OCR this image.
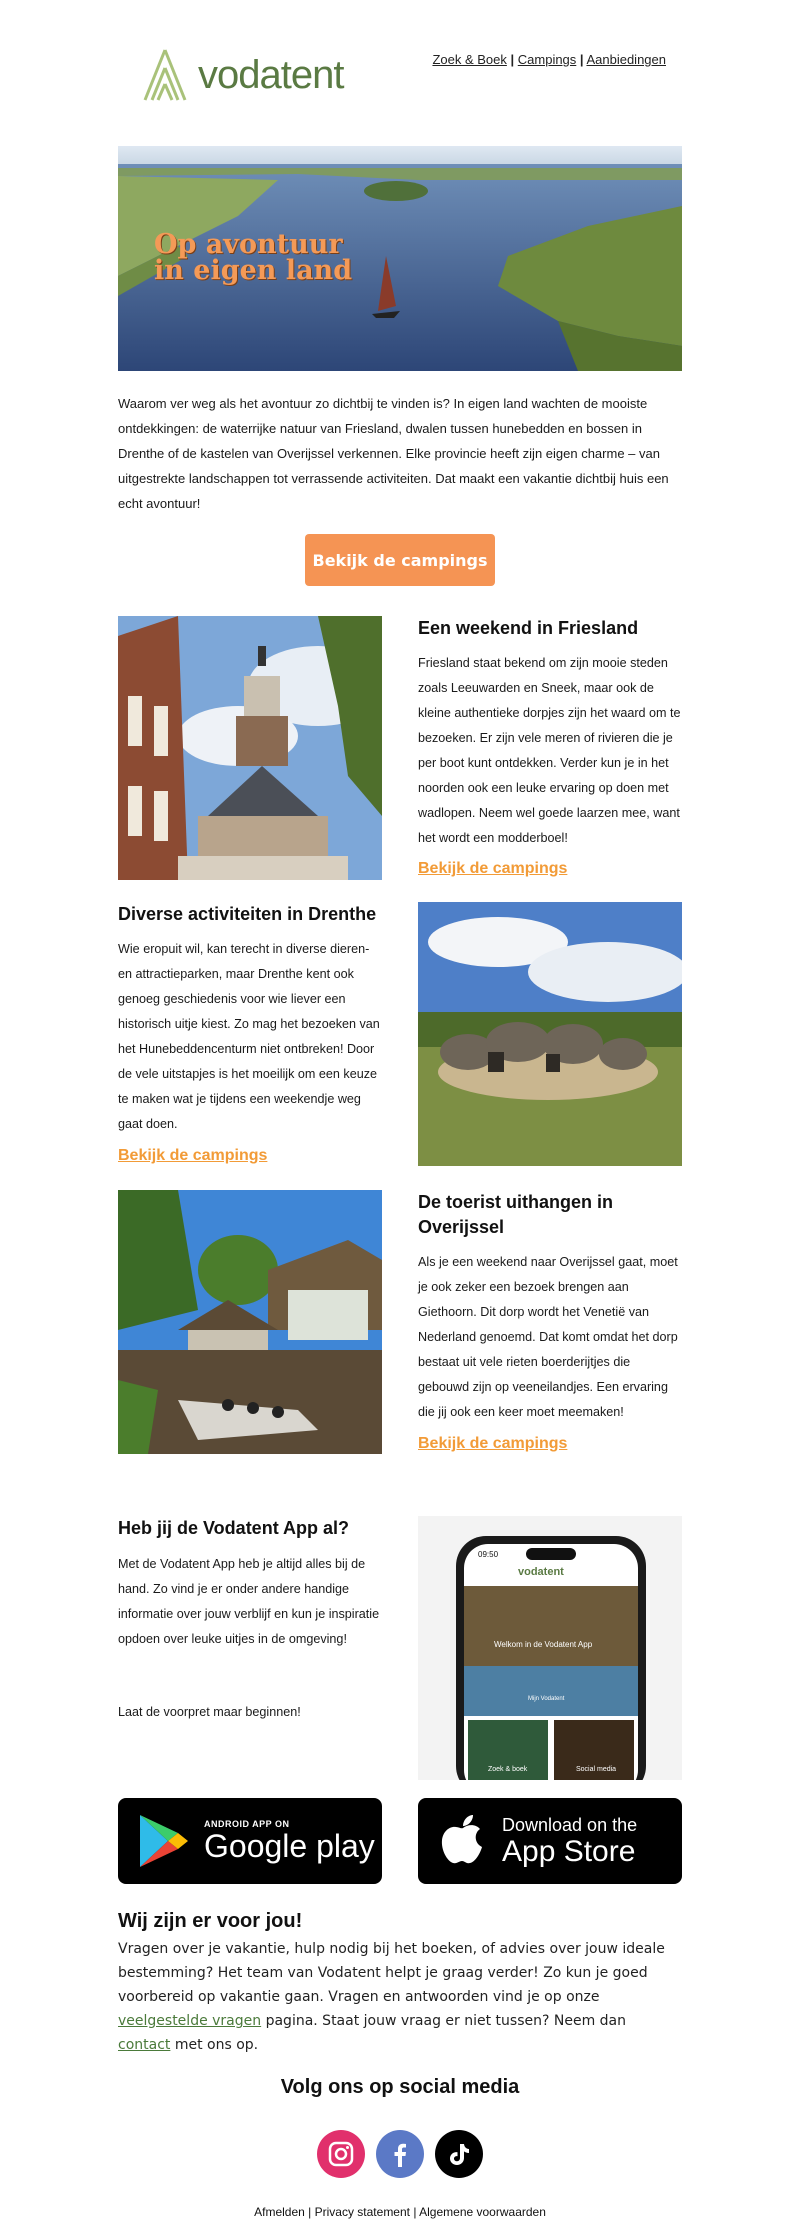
vodatent	Zoek & Boek | Campings | Aanbiedingen
Op avontuur
in eigen land
Waarom ver weg als het avontuur zo dichtbij te vinden is? In eigen land wachten de mooiste ontdekkingen: de waterrijke natuur van Friesland, dwalen tussen hunebedden en bossen in Drenthe of de kastelen van Overijssel verkennen. Elke provincie heeft zijn eigen charme – van uitgestrekte landschappen tot verrassende activiteiten. Dat maakt een vakantie dichtbij huis een echt avontuur!
Bekijk de campings
Een weekend in Friesland
Friesland staat bekend om zijn mooie steden zoals Leeuwarden en Sneek, maar ook de kleine authentieke dorpjes zijn het waard om te bezoeken. Er zijn vele meren of rivieren die je per boot kunt ontdekken. Verder kun je in het noorden ook een leuke ervaring op doen met wadlopen. Neem wel goede laarzen mee, want het wordt een modderboel!
Bekijk de campings
Diverse activiteiten in Drenthe
Wie eropuit wil, kan terecht in diverse dieren- en attractieparken, maar Drenthe kent ook genoeg geschiedenis voor wie liever een historisch uitje kiest. Zo mag het bezoeken van het Hunebeddencenturm niet ontbreken! Door de vele uitstapjes is het moeilijk om een keuze te maken wat je tijdens een weekendje weg gaat doen.
Bekijk de campings
De toerist uithangen in Overijssel
Als je een weekend naar Overijssel gaat, moet je ook zeker een bezoek brengen aan Giethoorn. Dit dorp wordt het Venetië van Nederland genoemd. Dat komt omdat het dorp bestaat uit vele rieten boerderijtjes die gebouwd zijn op veeneilandjes. Een ervaring die jij ook een keer moet meemaken!
Bekijk de campings
Heb jij de Vodatent App al?
Met de Vodatent App heb je altijd alles bij de hand. Zo vind je er onder andere handige informatie over jouw verblijf en kun je inspiratie opdoen over leuke uitjes in de omgeving!
Laat de voorpret maar beginnen!
09:50
vodatent
Welkom in de Vodatent App
Mijn Vodatent
Zoek & boek	Social media
ANDROID APP ON
Google play
Download on the
App Store
Wij zijn er voor jou!
Vragen over je vakantie, hulp nodig bij het boeken, of advies over jouw ideale bestemming? Het team van Vodatent helpt je graag verder! Zo kun je goed voorbereid op vakantie gaan. Vragen en antwoorden vind je op onze veelgestelde vragen pagina. Staat jouw vraag er niet tussen? Neem dan contact met ons op.
Volg ons op social media
Afmelden | Privacy statement | Algemene voorwaarden
